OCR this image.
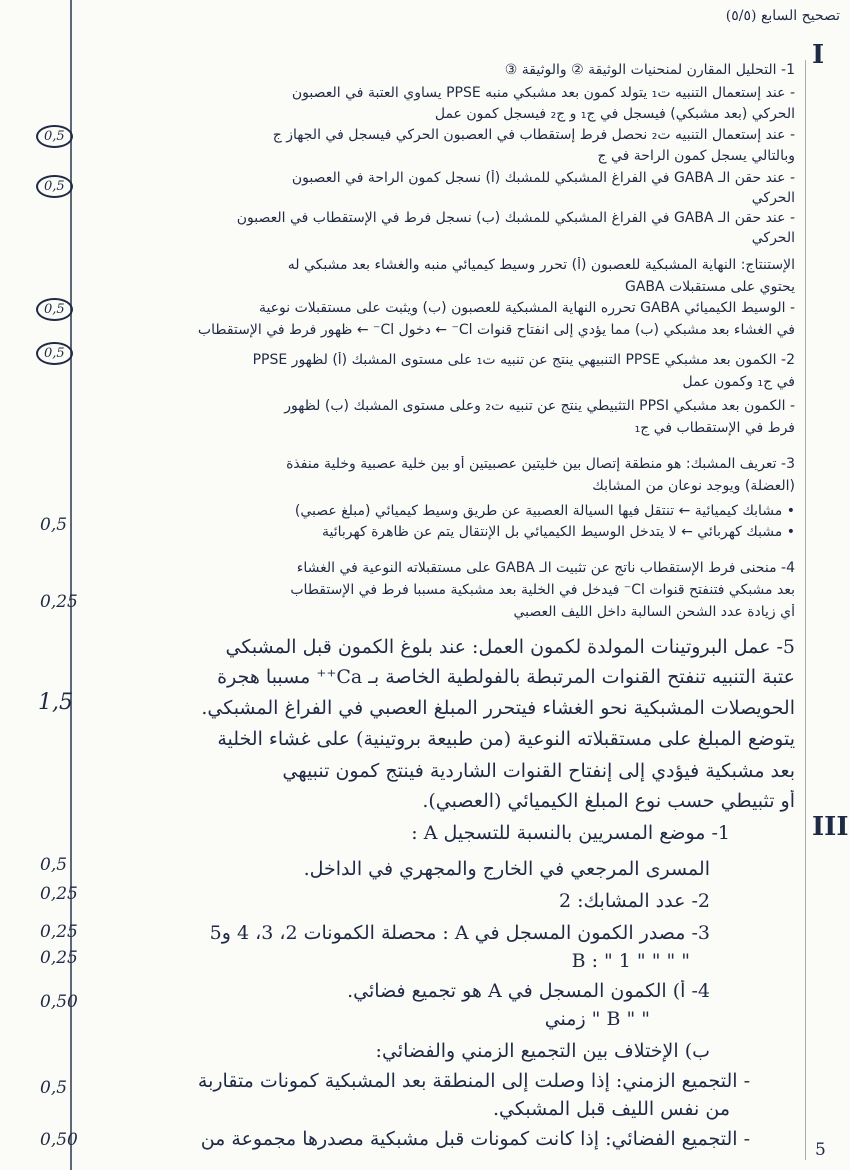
تصحيح السابع (٥/٥)
I
III
1- التحليل المقارن لمنحنيات الوثيقة ② والوثيقة ③
- عند إستعمال التنبيه ت₁ يتولد كمون بعد مشبكي منبه PPSE يساوي العتبة في العصبون
الحركي (بعد مشبكي) فيسجل في ج₁ و ج₂ فيسجل كمون عمل
- عند إستعمال التنبيه ت₂ نحصل فرط إستقطاب في العصبون الحركي فيسجل في الجهاز ج
وبالتالي يسجل كمون الراحة في ج
- عند حقن الـ GABA في الفراغ المشبكي للمشبك (أ) نسجل كمون الراحة في العصبون
الحركي
- عند حقن الـ GABA في الفراغ المشبكي للمشبك (ب) نسجل فرط في الإستقطاب في العصبون
الحركي
الإستنتاج: النهاية المشبكية للعصبون (أ) تحرر وسيط كيميائي منبه والغشاء بعد مشبكي له
يحتوي على مستقبلات GABA
- الوسيط الكيميائي GABA تحرره النهاية المشبكية للعصبون (ب) ويثبت على مستقبلات نوعية
في الغشاء بعد مشبكي (ب) مما يؤدي إلى انفتاح قنوات Cl⁻ ← دخول Cl⁻ ← ظهور فرط في الإستقطاب
2- الكمون بعد مشبكي PPSE التنبيهي ينتج عن تنبيه ت₁ على مستوى المشبك (أ) لظهور PPSE
في ج₁ وكمون عمل
- الكمون بعد مشبكي PPSI التثبيطي ينتج عن تنبيه ت₂ وعلى مستوى المشبك (ب) لظهور
فرط في الإستقطاب في ج₁
3- تعريف المشبك: هو منطقة إتصال بين خليتين عصبيتين أو بين خلية عصبية وخلية منفذة
(العضلة) ويوجد نوعان من المشابك
• مشابك كيميائية ← تنتقل فيها السيالة العصبية عن طريق وسيط كيميائي (مبلغ عصبي)
• مشبك كهربائي ← لا يتدخل الوسيط الكيميائي بل الإنتقال يتم عن ظاهرة كهربائية
4- منحنى فرط الإستقطاب ناتج عن تثبيت الـ GABA على مستقبلاته النوعية في الغشاء
بعد مشبكي فتنفتح قنوات Cl⁻ فيدخل في الخلية بعد مشبكية مسببا فرط في الإستقطاب
أي زيادة عدد الشحن السالبة داخل الليف العصبي
0,5
0,5
0,5
0,5
0,5
0,25
5- عمل البروتينات المولدة لكمون العمل: عند بلوغ الكمون قبل المشبكي
عتبة التنبيه تنفتح القنوات المرتبطة بالفولطية الخاصة بـ Ca⁺⁺ مسببا هجرة
الحويصلات المشبكية نحو الغشاء فيتحرر المبلغ العصبي في الفراغ المشبكي.
يتوضع المبلغ على مستقبلاته النوعية (من طبيعة بروتينية) على غشاء الخلية
بعد مشبكية فيؤدي إلى إنفتاح القنوات الشاردية فينتج كمون تنبيهي
أو تثبيطي حسب نوع المبلغ الكيميائي (العصبي).
1,5
1- موضع المسريين بالنسبة للتسجيل A :
المسرى المرجعي في الخارج والمجهري في الداخل.
2- عدد المشابك: 2
3- مصدر الكمون المسجل في A : محصلة الكمونات 2، 3، 4 و5
" " " " B : " 1
4- أ) الكمون المسجل في A هو تجميع فضائي.
" " B " زمني
ب) الإختلاف بين التجميع الزمني والفضائي:
- التجميع الزمني: إذا وصلت إلى المنطقة بعد المشبكية كمونات متقاربة
من نفس الليف قبل المشبكي.
- التجميع الفضائي: إذا كانت كمونات قبل مشبكية مصدرها مجموعة من
0,5
0,25
0,25
0,25
0,50
0,5
0,50	5
